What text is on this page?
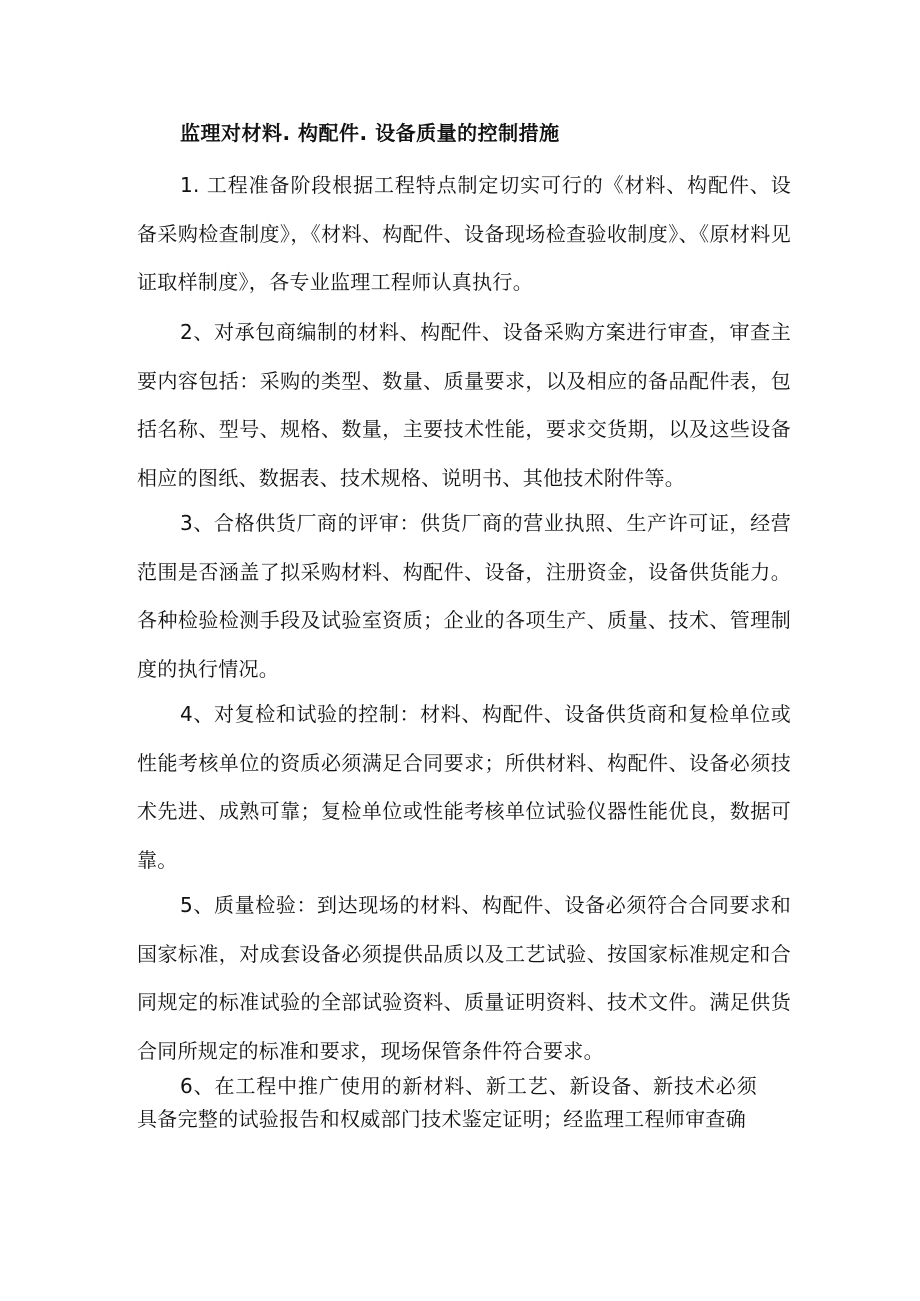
监理对材料. 构配件. 设备质量的控制措施

1. 工程准备阶段根据工程特点制定切实可行的《材料、构配件、设备采购检查制度》，《材料、构配件、设备现场检查验收制度》、《原材料见证取样制度》，各专业监理工程师认真执行。

2、对承包商编制的材料、构配件、设备采购方案进行审查，审查主要内容包括：采购的类型、数量、质量要求，以及相应的备品配件表，包括名称、型号、规格、数量，主要技术性能，要求交货期，以及这些设备相应的图纸、数据表、技术规格、说明书、其他技术附件等。

3、合格供货厂商的评审：供货厂商的营业执照、生产许可证，经营范围是否涵盖了拟采购材料、构配件、设备，注册资金，设备供货能力。各种检验检测手段及试验室资质；企业的各项生产、质量、技术、管理制度的执行情况。

4、对复检和试验的控制：材料、构配件、设备供货商和复检单位或性能考核单位的资质必须满足合同要求；所供材料、构配件、设备必须技术先进、成熟可靠；复检单位或性能考核单位试验仪器性能优良，数据可靠。

5、质量检验：到达现场的材料、构配件、设备必须符合合同要求和国家标准，对成套设备必须提供品质以及工艺试验、按国家标准规定和合同规定的标准试验的全部试验资料、质量证明资料、技术文件。满足供货合同所规定的标准和要求，现场保管条件符合要求。

6、在工程中推广使用的新材料、新工艺、新设备、新技术必须具备完整的试验报告和权威部门技术鉴定证明；经监理工程师审查确
